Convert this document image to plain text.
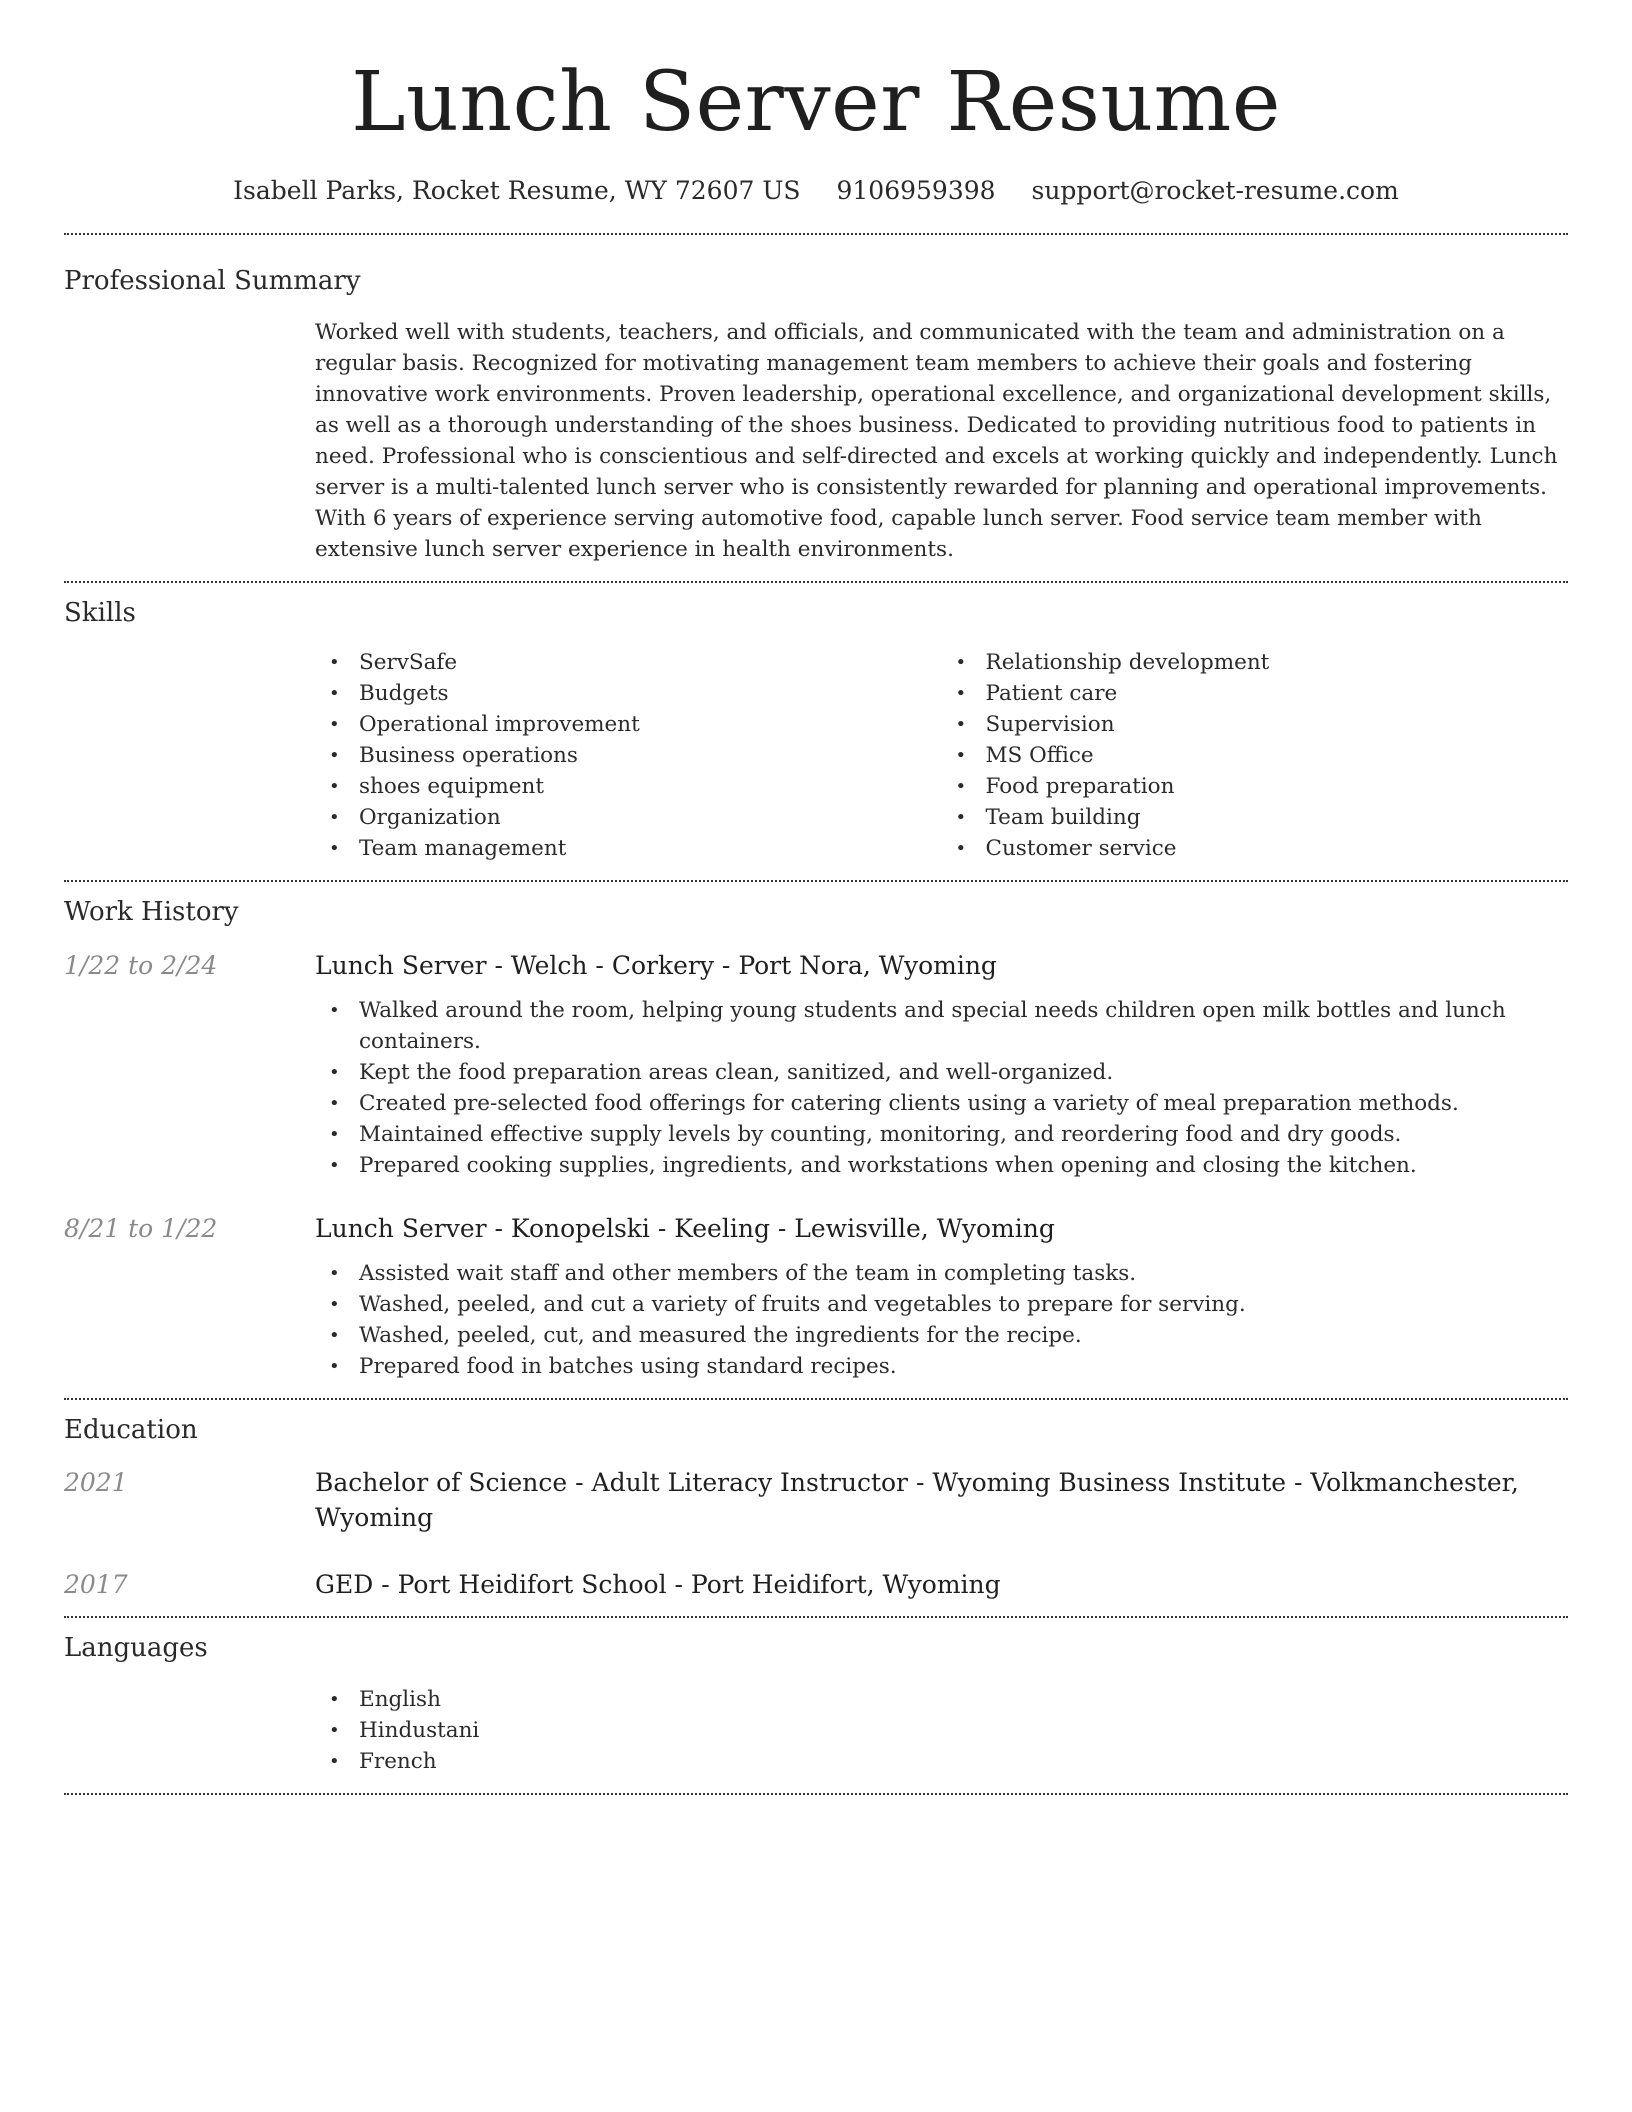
Lunch Server Resume
Isabell Parks, Rocket Resume, WY 72607 US 9106959398 support@rocket-resume.com
Professional Summary

Worked well with students, teachers, and officials, and communicated with the team and administration on a regular basis. Recognized for motivating management team members to achieve their goals and fostering innovative work environments. Proven leadership, operational excellence, and organizational development skills, as well as a thorough understanding of the shoes business. Dedicated to providing nutritious food to patients in need. Professional who is conscientious and self-directed and excels at working quickly and independently. Lunch server is a multi-talented lunch server who is consistently rewarded for planning and operational improvements. With 6 years of experience serving automotive food, capable lunch server. Food service team member with extensive lunch server experience in health environments.

Skills
• ServSafe
• Budgets
• Operational improvement
• Business operations
• shoes equipment
• Organization
• Team management
• Relationship development
• Patient care
• Supervision
• MS Office
• Food preparation
• Team building
• Customer service
Work History
1/22 to 2/24	Lunch Server - Welch - Corkery - Port Nora, Wyoming
• Walked around the room, helping young students and special needs children open milk bottles and lunch containers.
• Kept the food preparation areas clean, sanitized, and well-organized.
• Created pre-selected food offerings for catering clients using a variety of meal preparation methods.
• Maintained effective supply levels by counting, monitoring, and reordering food and dry goods.
• Prepared cooking supplies, ingredients, and workstations when opening and closing the kitchen.
8/21 to 1/22	Lunch Server - Konopelski - Keeling - Lewisville, Wyoming
• Assisted wait staff and other members of the team in completing tasks.
• Washed, peeled, and cut a variety of fruits and vegetables to prepare for serving.
• Washed, peeled, cut, and measured the ingredients for the recipe.
• Prepared food in batches using standard recipes.
Education
2021	Bachelor of Science - Adult Literacy Instructor - Wyoming Business Institute - Volkmanchester, Wyoming
2017	GED - Port Heidifort School - Port Heidifort, Wyoming
Languages
• English
• Hindustani
• French
